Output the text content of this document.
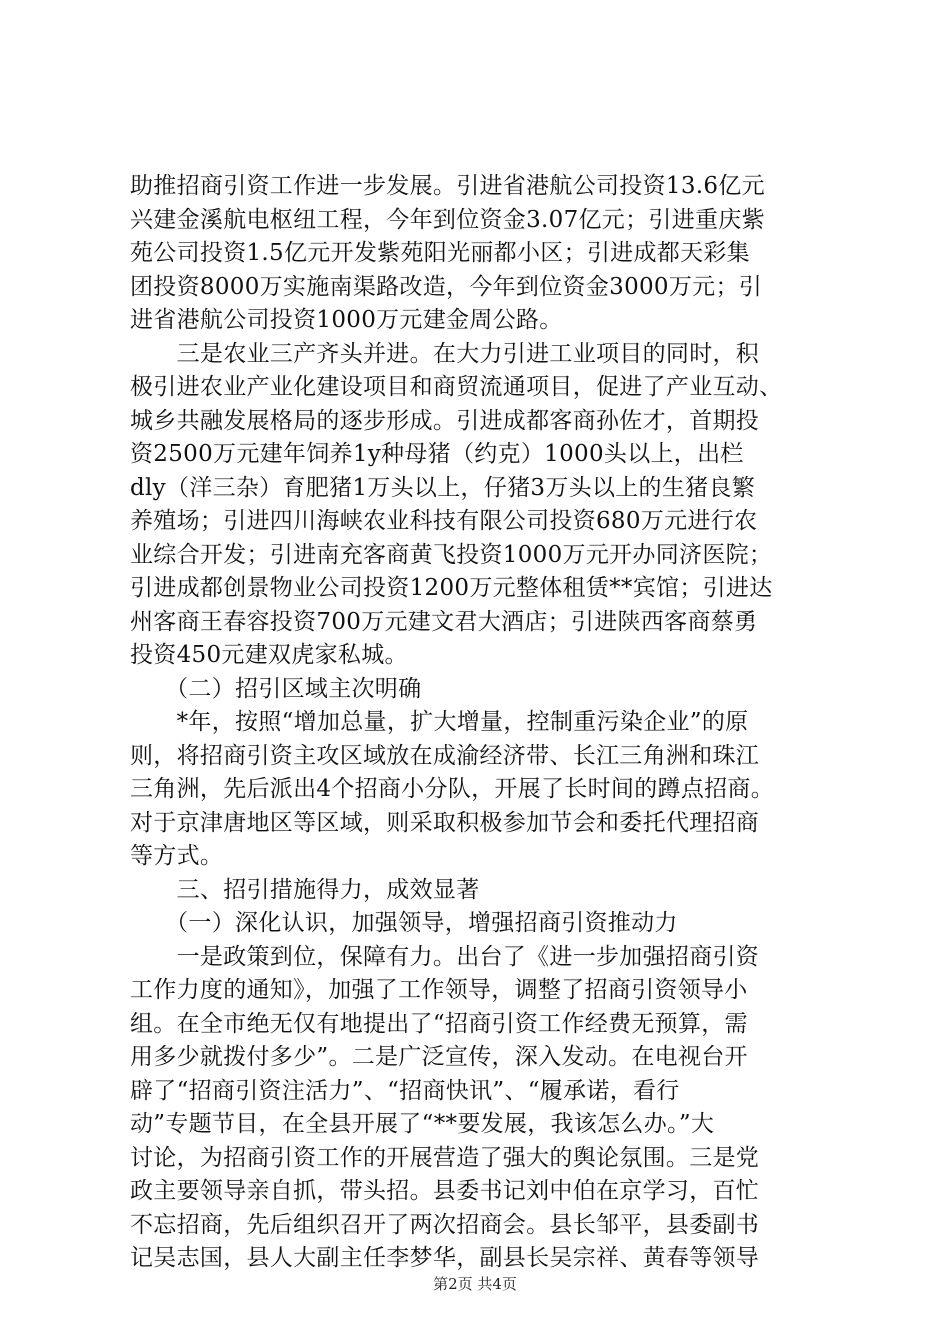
助推招商引资工作进一步发展。引进省港航公司投资13.6亿元
兴建金溪航电枢纽工程，今年到位资金3.07亿元；引进重庆紫
苑公司投资1.5亿元开发紫苑阳光丽都小区；引进成都天彩集
团投资8000万实施南渠路改造，今年到位资金3000万元；引
进省港航公司投资1000万元建金周公路。
　　三是农业三产齐头并进。在大力引进工业项目的同时，积
极引进农业产业化建设项目和商贸流通项目，促进了产业互动、
城乡共融发展格局的逐步形成。引进成都客商孙佐才，首期投
资2500万元建年饲养1y种母猪（约克）1000头以上，出栏
dly（洋三杂）育肥猪1万头以上，仔猪3万头以上的生猪良繁
养殖场；引进四川海峡农业科技有限公司投资680万元进行农
业综合开发；引进南充客商黄飞投资1000万元开办同济医院；
引进成都创景物业公司投资1200万元整体租赁**宾馆；引进达
州客商王春容投资700万元建文君大酒店；引进陕西客商蔡勇
投资450元建双虎家私城。
　　（二）招引区域主次明确
　　*年，按照“增加总量，扩大增量，控制重污染企业”的原
则，将招商引资主攻区域放在成渝经济带、长江三角洲和珠江
三角洲，先后派出4个招商小分队，开展了长时间的蹲点招商。
对于京津唐地区等区域，则采取积极参加节会和委托代理招商
等方式。
　　三、招引措施得力，成效显著
　　（一）深化认识，加强领导，增强招商引资推动力
　　一是政策到位，保障有力。出台了《进一步加强招商引资
工作力度的通知》，加强了工作领导，调整了招商引资领导小
组。在全市绝无仅有地提出了“招商引资工作经费无预算，需
用多少就拨付多少”。二是广泛宣传，深入发动。在电视台开
辟了“招商引资注活力”、“招商快讯”、“履承诺，看行
动”专题节目，在全县开展了“**要发展，我该怎么办。”大
讨论，为招商引资工作的开展营造了强大的舆论氛围。三是党
政主要领导亲自抓，带头招。县委书记刘中伯在京学习，百忙
不忘招商，先后组织召开了两次招商会。县长邹平，县委副书
记吴志国，县人大副主任李梦华，副县长吴宗祥、黄春等领导
第2页 共4页
